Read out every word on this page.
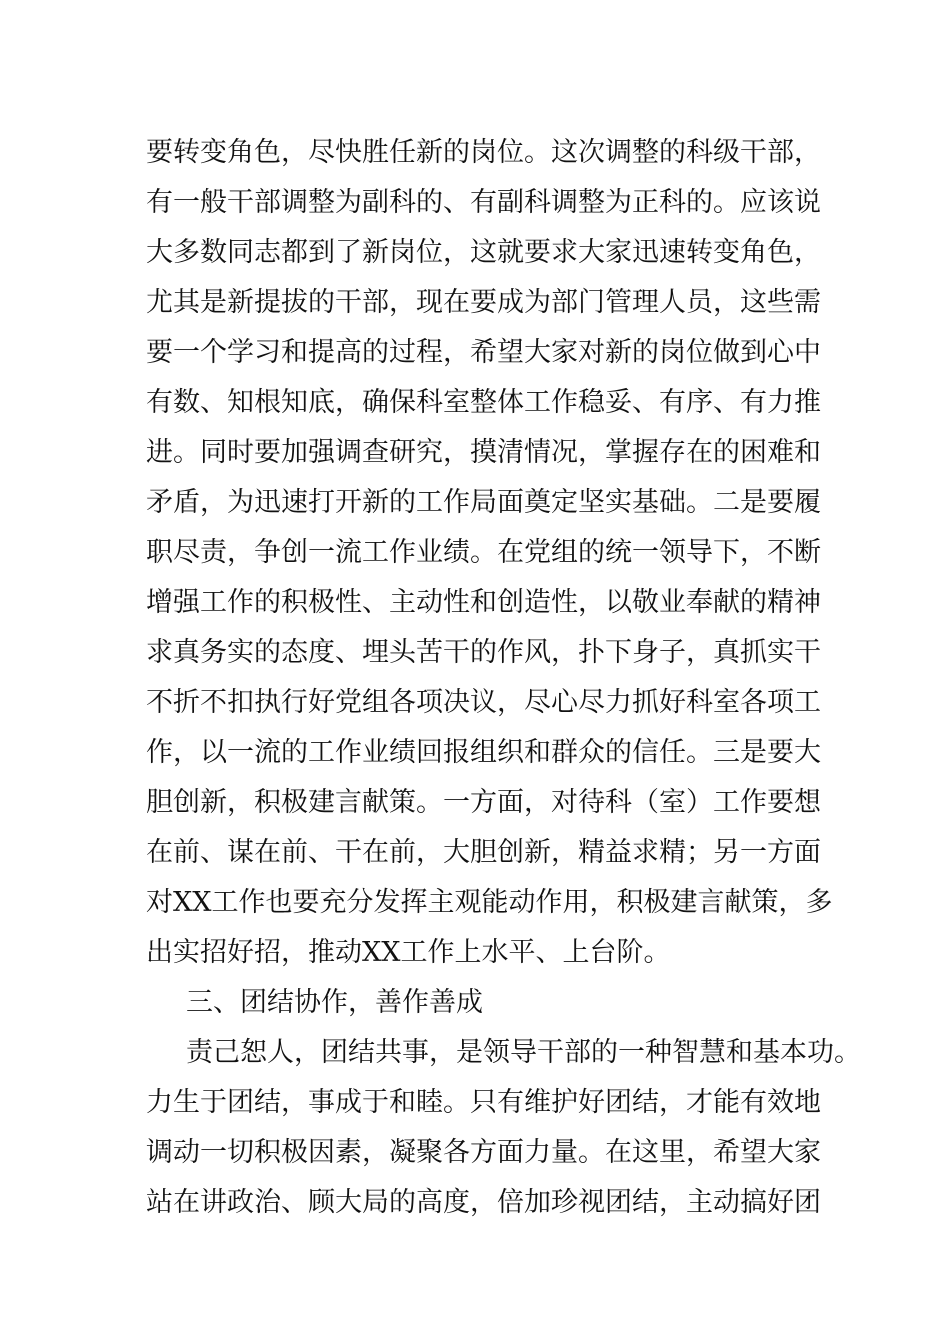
要转变角色，尽快胜任新的岗位。这次调整的科级干部，
有一般干部调整为副科的、有副科调整为正科的。应该说
大多数同志都到了新岗位，这就要求大家迅速转变角色，
尤其是新提拔的干部，现在要成为部门管理人员，这些需
要一个学习和提高的过程，希望大家对新的岗位做到心中
有数、知根知底，确保科室整体工作稳妥、有序、有力推
进。同时要加强调查研究，摸清情况，掌握存在的困难和
矛盾，为迅速打开新的工作局面奠定坚实基础。二是要履
职尽责，争创一流工作业绩。在党组的统一领导下，不断
增强工作的积极性、主动性和创造性，以敬业奉献的精神
求真务实的态度、埋头苦干的作风，扑下身子，真抓实干
不折不扣执行好党组各项决议，尽心尽力抓好科室各项工
作，以一流的工作业绩回报组织和群众的信任。三是要大
胆创新，积极建言献策。一方面，对待科（室）工作要想
在前、谋在前、干在前，大胆创新，精益求精；另一方面
对XX工作也要充分发挥主观能动作用，积极建言献策，多
出实招好招，推动XX工作上水平、上台阶。
三、团结协作，善作善成
责己恕人，团结共事，是领导干部的一种智慧和基本功。
力生于团结，事成于和睦。只有维护好团结，才能有效地
调动一切积极因素，凝聚各方面力量。在这里，希望大家
站在讲政治、顾大局的高度，倍加珍视团结，主动搞好团
